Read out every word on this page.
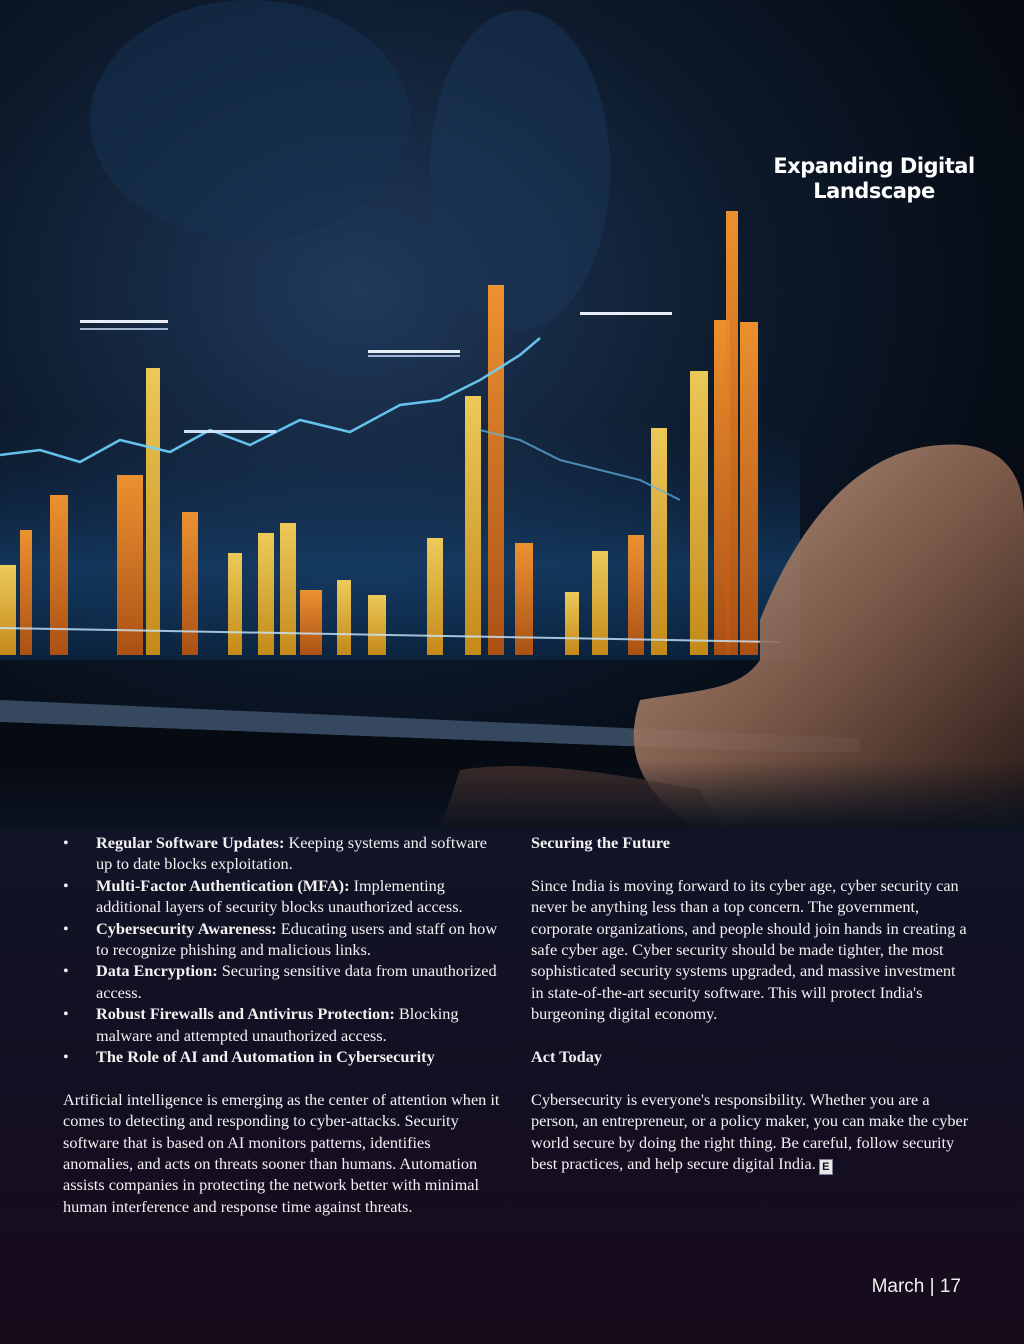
Expanding Digital
Landscape
• Regular Software Updates: Keeping systems and software up to date blocks exploitation.
• Multi-Factor Authentication (MFA): Implementing additional layers of security blocks unauthorized access.
• Cybersecurity Awareness: Educating users and staff on how to recognize phishing and malicious links.
• Data Encryption: Securing sensitive data from unauthorized access.
• Robust Firewalls and Antivirus Protection: Blocking malware and attempted unauthorized access.
• The Role of AI and Automation in Cybersecurity

Artificial intelligence is emerging as the center of attention when it comes to detecting and responding to cyber-attacks. Security software that is based on AI monitors patterns, identifies anomalies, and acts on threats sooner than humans. Automation assists companies in protecting the network better with minimal human interference and response time against threats.

Securing the Future

Since India is moving forward to its cyber age, cyber security can never be anything less than a top concern. The government, corporate organizations, and people should join hands in creating a safe cyber age. Cyber security should be made tighter, the most sophisticated security systems upgraded, and massive investment in state-of-the-art security software. This will protect India's burgeoning digital economy.

Act Today

Cybersecurity is everyone's responsibility. Whether you are a person, an entrepreneur, or a policy maker, you can make the cyber world secure by doing the right thing. Be careful, follow security best practices, and help secure digital India. E

March | 17
